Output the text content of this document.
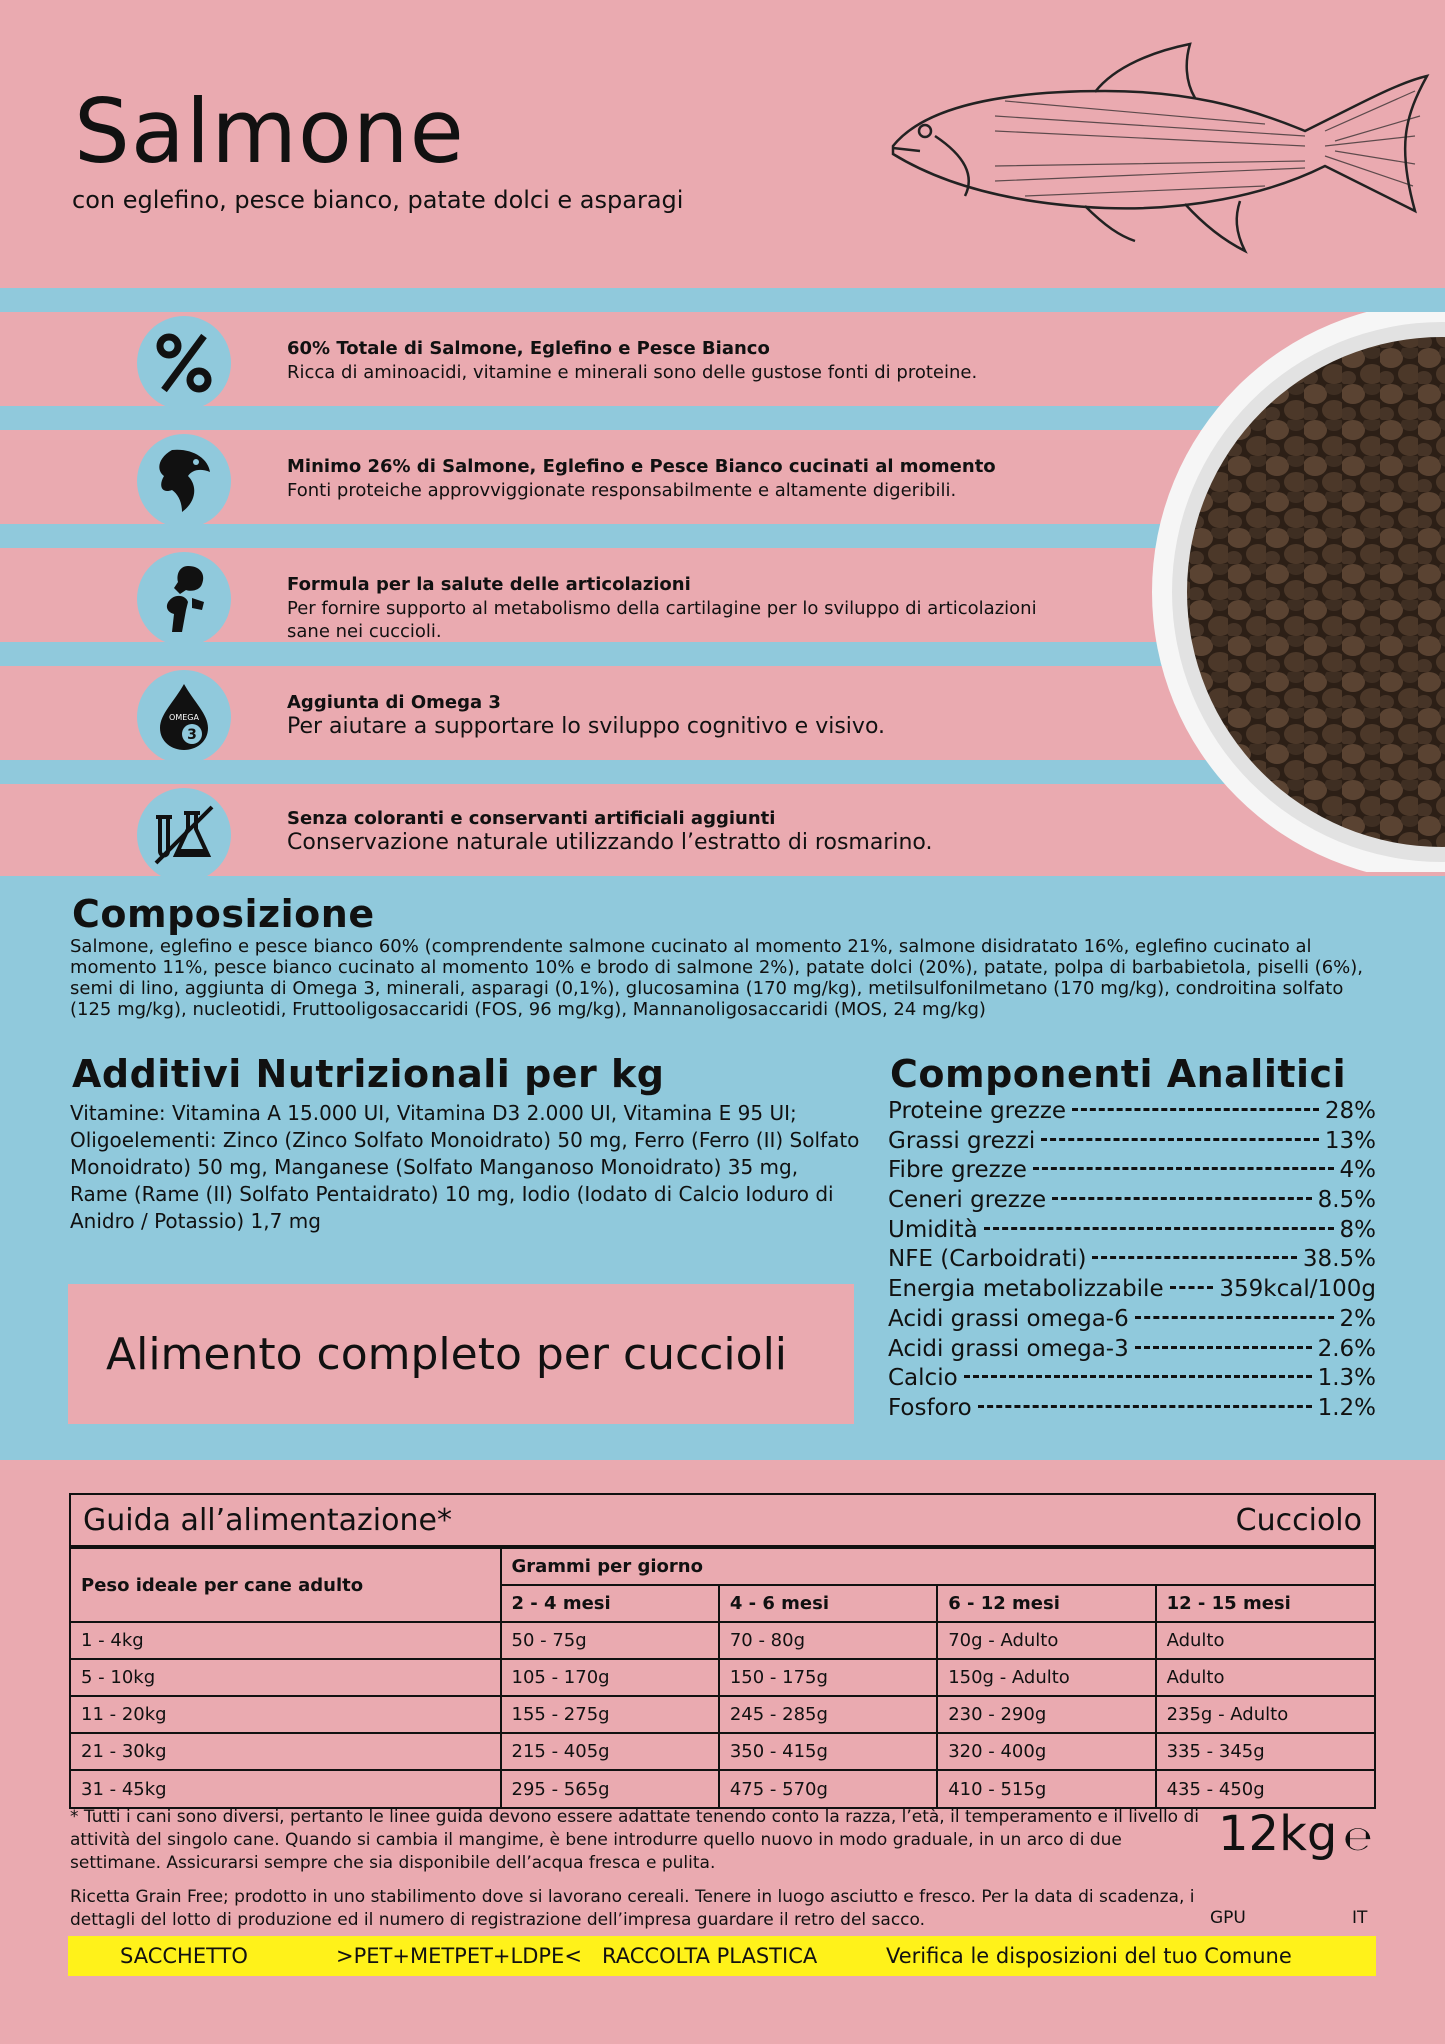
Salmone
con eglefino, pesce bianco, patate dolci e asparagi
60% Totale di Salmone, Eglefino e Pesce Bianco
Ricca di aminoacidi, vitamine e minerali sono delle gustose fonti di proteine.
Minimo 26% di Salmone, Eglefino e Pesce Bianco cucinati al momento
Fonti proteiche approvviggionate responsabilmente e altamente digeribili.
Formula per la salute delle articolazioni
Per fornire supporto al metabolismo della cartilagine per lo sviluppo di articolazioni sane nei cuccioli.
OMEGA
3
Aggiunta di Omega 3
Per aiutare a supportare lo sviluppo cognitivo e visivo.
Senza coloranti e conservanti artificiali aggiunti
Conservazione naturale utilizzando l’estratto di rosmarino.
Composizione
Salmone, eglefino e pesce bianco 60% (comprendente salmone cucinato al momento 21%, salmone disidratato 16%, eglefino cucinato al momento 11%, pesce bianco cucinato al momento 10% e brodo di salmone 2%), patate dolci (20%), patate, polpa di barbabietola, piselli (6%), semi di lino, aggiunta di Omega 3, minerali, asparagi (0,1%), glucosamina (170 mg/kg), metilsulfonilmetano (170 mg/kg), condroitina solfato (125 mg/kg), nucleotidi, Fruttooligosaccaridi (FOS, 96 mg/kg), Mannanoligosaccaridi (MOS, 24 mg/kg)
Additivi Nutrizionali per kg
Vitamine: Vitamina A 15.000 UI, Vitamina D3 2.000 UI, Vitamina E 95 UI; Oligoelementi: Zinco (Zinco Solfato Monoidrato) 50 mg, Ferro (Ferro (II) Solfato Monoidrato) 50 mg, Manganese (Solfato Manganoso Monoidrato) 35 mg, Rame (Rame (II) Solfato Pentaidrato) 10 mg, Iodio (Iodato di Calcio Ioduro di Anidro / Potassio) 1,7 mg
Componenti Analitici
Proteine grezze	28%
Grassi grezzi	13%
Fibre grezze	4%
Ceneri grezze	8.5%
Umidità	8%
NFE (Carboidrati)	38.5%
Energia metabolizzabile 359kcal/100g
Acidi grassi omega-6	2%
Acidi grassi omega-3	2.6%
Calcio	1.3%
Fosforo	1.2%
Alimento completo per cuccioli
Guida all’alimentazione*	Cucciolo
Peso ideale per cane adulto	Grammi per giorno			
	2 - 4 mesi	4 - 6 mesi	6 - 12 mesi	12 - 15 mesi
1 - 4kg	50 - 75g	70 - 80g	70g - Adulto	Adulto
5 - 10kg	105 - 170g	150 - 175g	150g - Adulto	Adulto
11 - 20kg	155 - 275g	245 - 285g	230 - 290g	235g - Adulto
21 - 30kg	215 - 405g	350 - 415g	320 - 400g	335 - 345g
31 - 45kg	295 - 565g	475 - 570g	410 - 515g	435 - 450g
* Tutti i cani sono diversi, pertanto le linee guida devono essere adattate tenendo conto la razza, l’età, il temperamento e il livello di attività del singolo cane. Quando si cambia il mangime, è bene introdurre quello nuovo in modo graduale, in un arco di due settimane. Assicurarsi sempre che sia disponibile dell’acqua fresca e pulita.
12kg ℮
Ricetta Grain Free; prodotto in uno stabilimento dove si lavorano cereali. Tenere in luogo asciutto e fresco. Per la data di scadenza, i dettagli del lotto di produzione ed il numero di registrazione dell’impresa guardare il retro del sacco.	GPU	IT
SACCHETTO	>PET+METPET+LDPE< RACCOLTA PLASTICA	Verifica le disposizioni del tuo Comune
